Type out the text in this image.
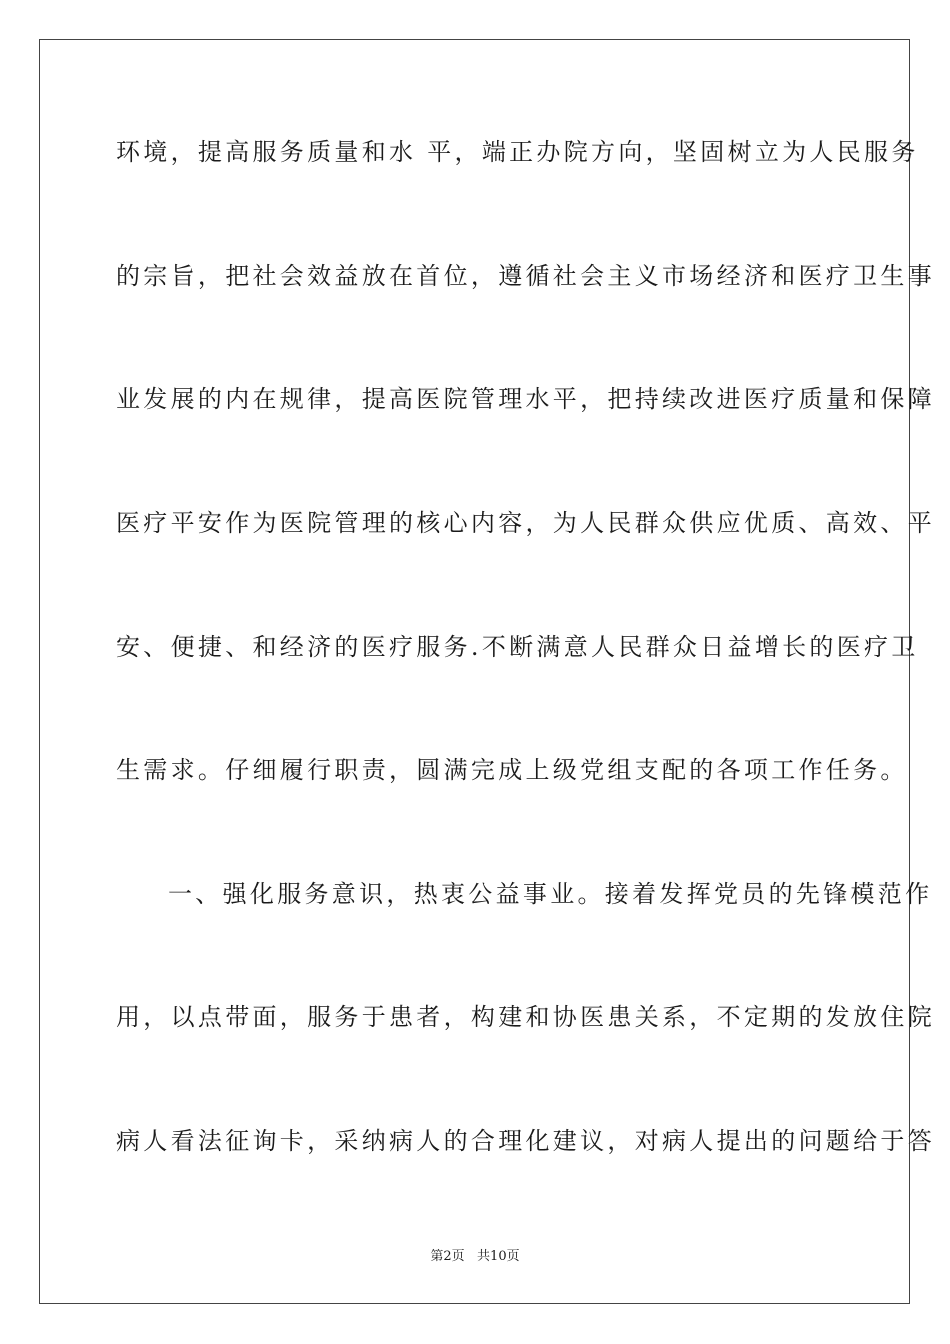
环境，提高服务质量和水 平，端正办院方向，坚固树立为人民服务
的宗旨，把社会效益放在首位，遵循社会主义市场经济和医疗卫生事
业发展的内在规律，提高医院管理水平，把持续改进医疗质量和保障
医疗平安作为医院管理的核心内容，为人民群众供应优质、高效、平
安、便捷、和经济的医疗服务.不断满意人民群众日益增长的医疗卫
生需求。仔细履行职责，圆满完成上级党组支配的各项工作任务。
一、强化服务意识，热衷公益事业。接着发挥党员的先锋模范作
用，以点带面，服务于患者，构建和协医患关系，不定期的发放住院
病人看法征询卡，采纳病人的合理化建议，对病人提出的问题给于答
第2页   共10页
